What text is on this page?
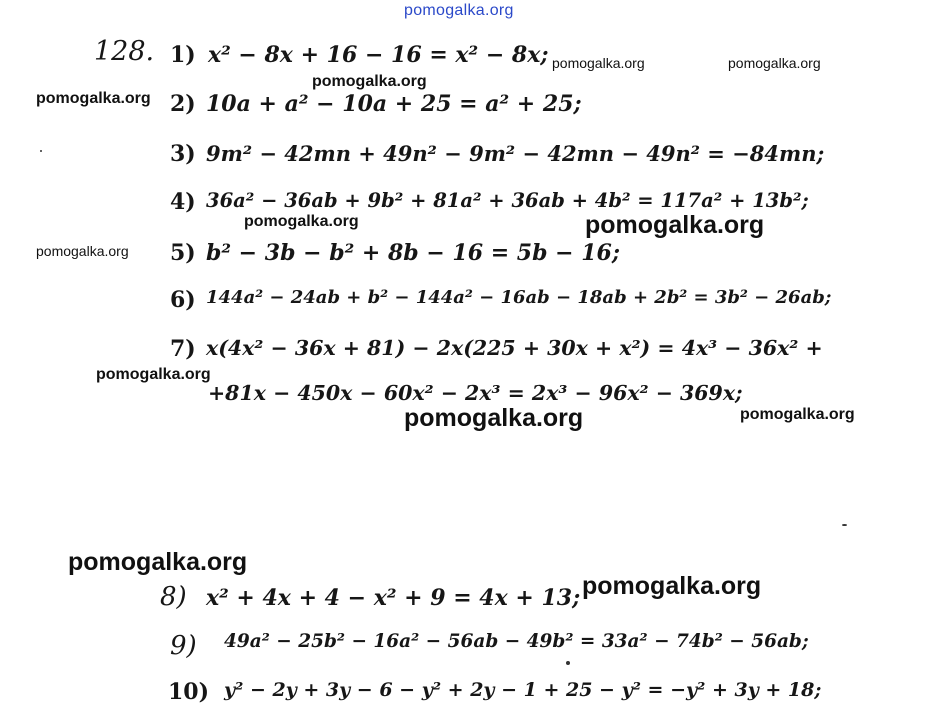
pomogalka.org
pomogalka.org	pomogalka.org
pomogalka.org
pomogalka.org
pomogalka.org	pomogalka.org
pomogalka.org
pomogalka.org
pomogalka.org	pomogalka.org
pomogalka.org
pomogalka.org
128. 1)
2)
3)
4)
5)
6)
7)
8)
9)
10)
x² − 8x + 16 − 16 = x² − 8x;
10a + a² − 10a + 25 = a² + 25;
9m² − 42mn + 49n² − 9m² − 42mn − 49n² = −84mn;
36a² − 36ab + 9b² + 81a² + 36ab + 4b² = 117a² + 13b²;
b² − 3b − b² + 8b − 16 = 5b − 16;
144a² − 24ab + b² − 144a² − 16ab − 18ab + 2b² = 3b² − 26ab;
x(4x² − 36x + 81) − 2x(225 + 30x + x²) = 4x³ − 36x² +
+81x − 450x − 60x² − 2x³ = 2x³ − 96x² − 369x;
x² + 4x + 4 − x² + 9 = 4x + 13;
49a² − 25b² − 16a² − 56ab − 49b² = 33a² − 74b² − 56ab;
y² − 2y + 3y − 6 − y² + 2y − 1 + 25 − y² = −y² + 3y + 18;
